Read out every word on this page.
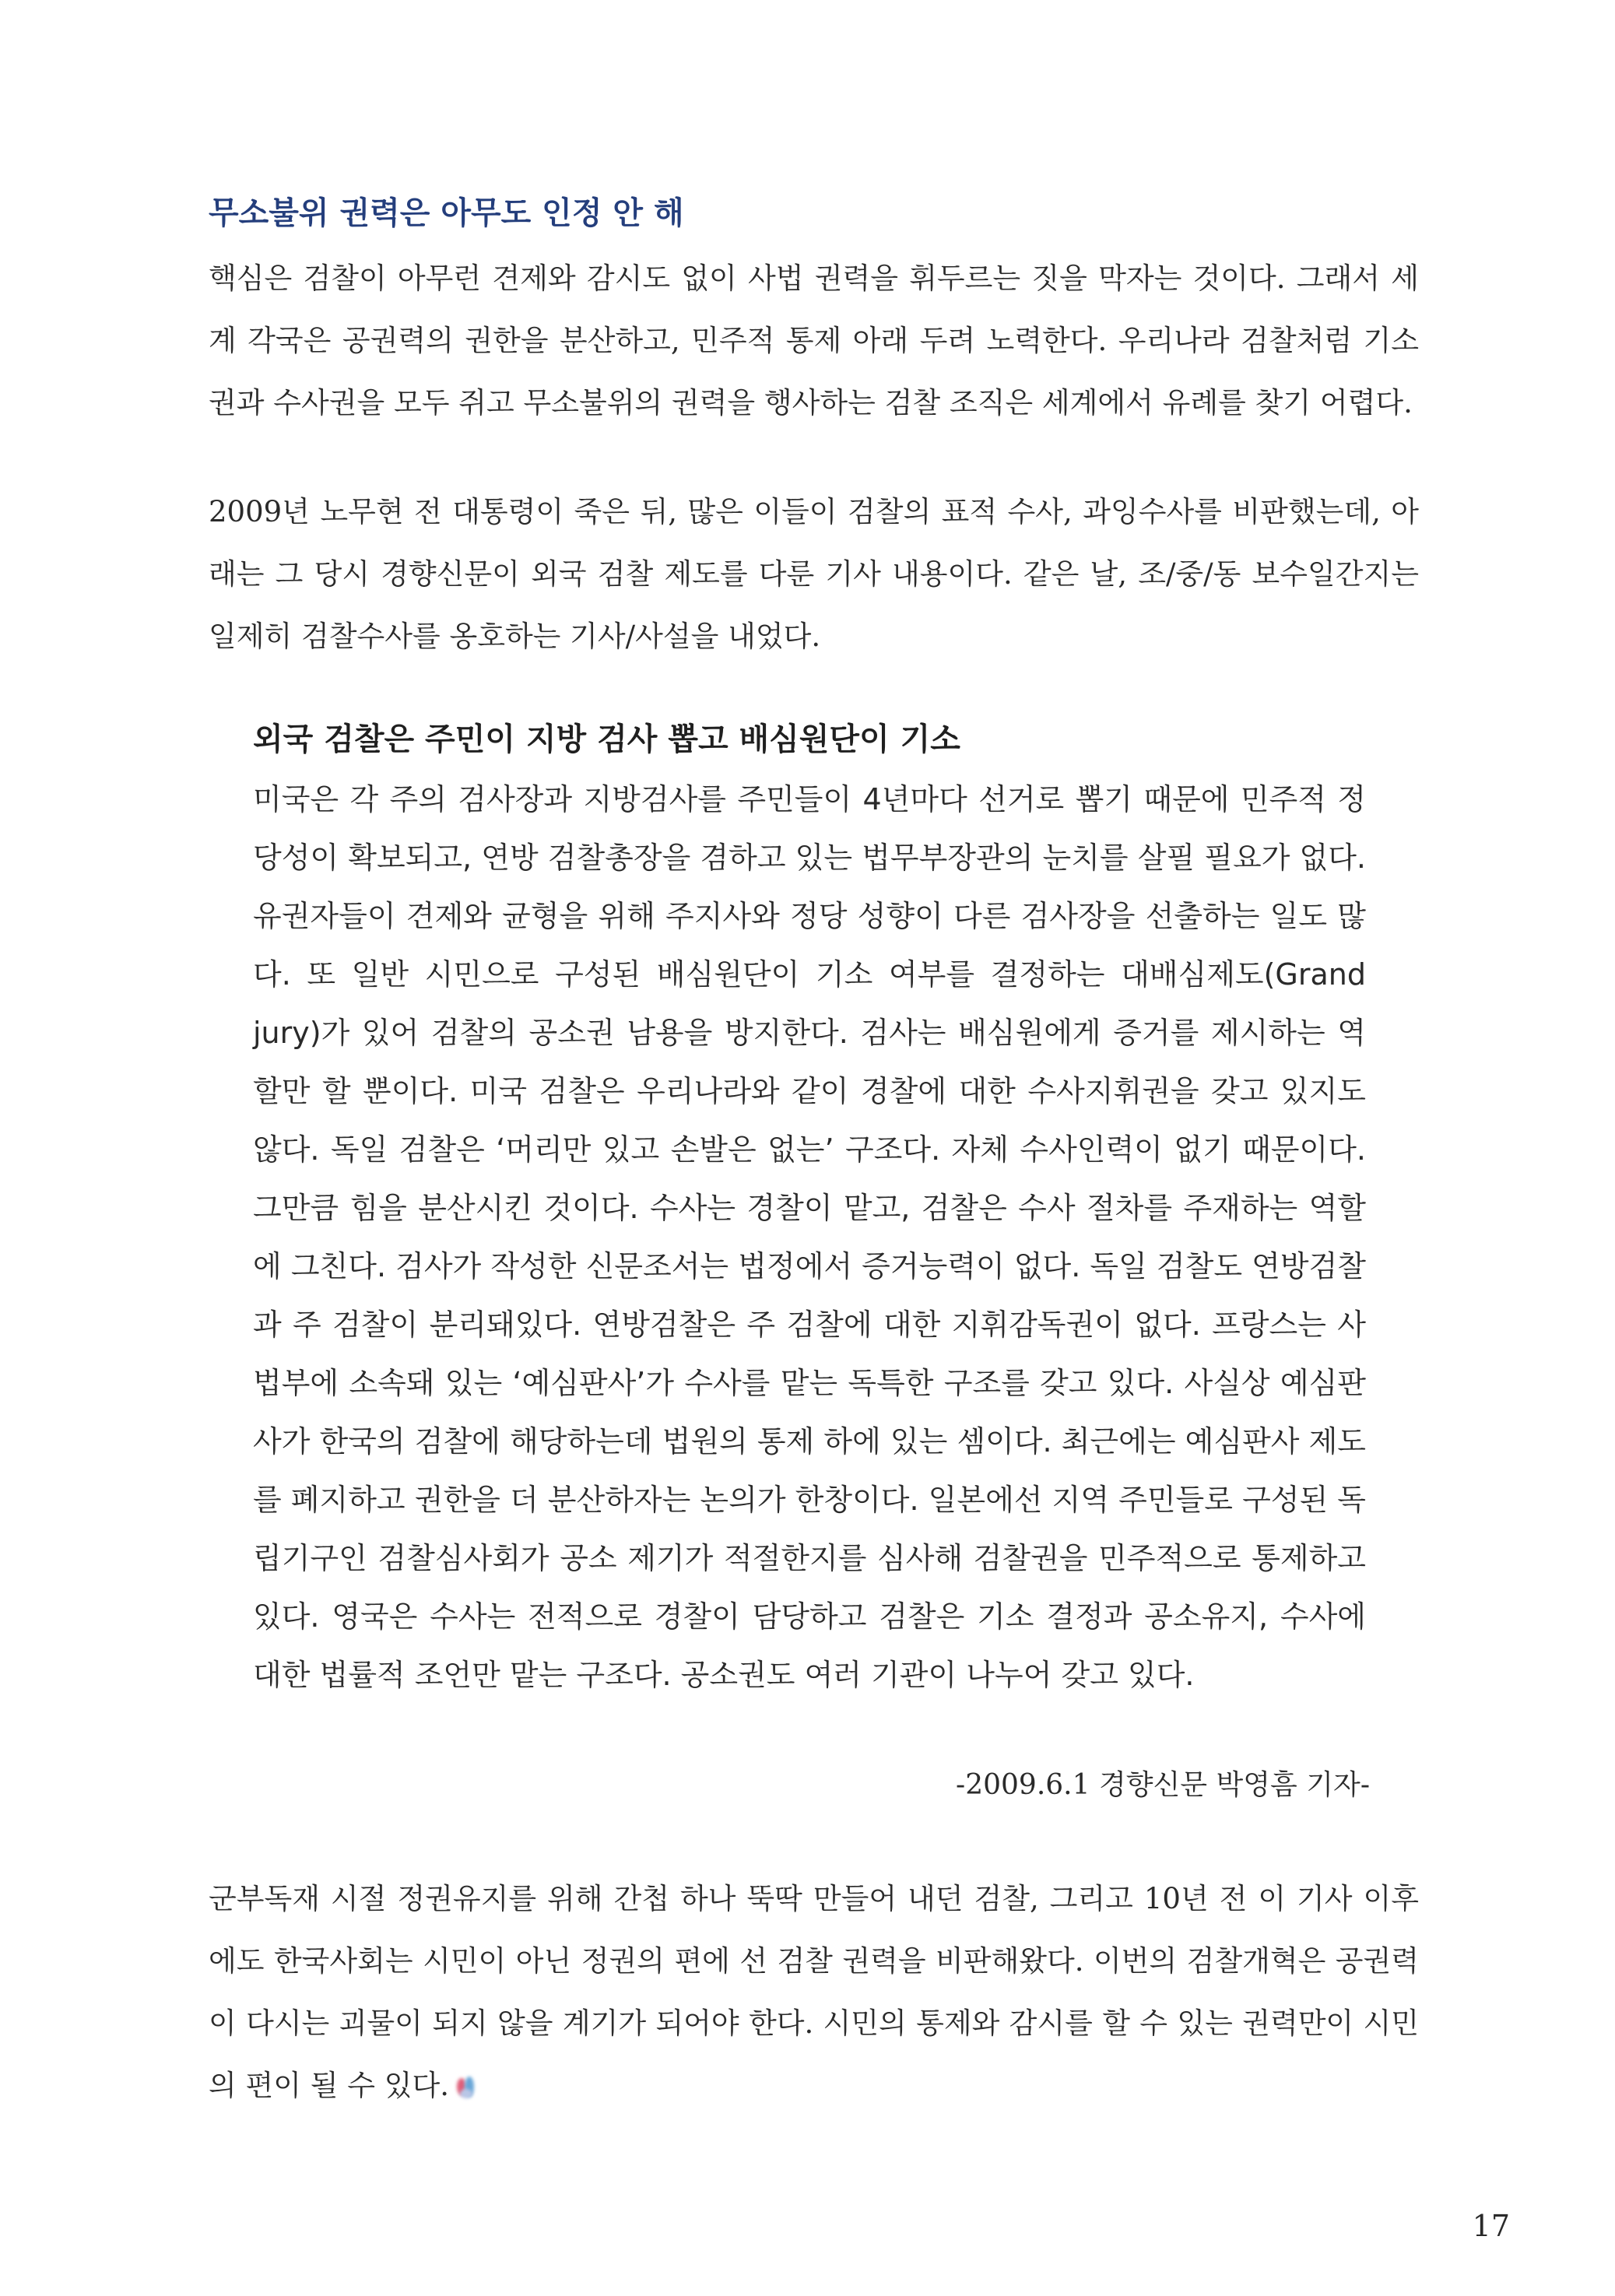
무소불위 권력은 아무도 인정 안 해

핵심은 검찰이 아무런 견제와 감시도 없이 사법 권력을 휘두르는 짓을 막자는 것이다. 그래서 세계 각국은 공권력의 권한을 분산하고, 민주적 통제 아래 두려 노력한다. 우리나라 검찰처럼 기소권과 수사권을 모두 쥐고 무소불위의 권력을 행사하는 검찰 조직은 세계에서 유례를 찾기 어렵다.

2009년 노무현 전 대통령이 죽은 뒤, 많은 이들이 검찰의 표적 수사, 과잉수사를 비판했는데, 아래는 그 당시 경향신문이 외국 검찰 제도를 다룬 기사 내용이다. 같은 날, 조/중/동 보수일간지는 일제히 검찰수사를 옹호하는 기사/사설을 내었다.

외국 검찰은 주민이 지방 검사 뽑고 배심원단이 기소

미국은 각 주의 검사장과 지방검사를 주민들이 4년마다 선거로 뽑기 때문에 민주적 정당성이 확보되고, 연방 검찰총장을 겸하고 있는 법무부장관의 눈치를 살필 필요가 없다. 유권자들이 견제와 균형을 위해 주지사와 정당 성향이 다른 검사장을 선출하는 일도 많다. 또 일반 시민으로 구성된 배심원단이 기소 여부를 결정하는 대배심제도(Grand jury)가 있어 검찰의 공소권 남용을 방지한다. 검사는 배심원에게 증거를 제시하는 역할만 할 뿐이다. 미국 검찰은 우리나라와 같이 경찰에 대한 수사지휘권을 갖고 있지도 않다. 독일 검찰은 ‘머리만 있고 손발은 없는’ 구조다. 자체 수사인력이 없기 때문이다. 그만큼 힘을 분산시킨 것이다. 수사는 경찰이 맡고, 검찰은 수사 절차를 주재하는 역할에 그친다. 검사가 작성한 신문조서는 법정에서 증거능력이 없다. 독일 검찰도 연방검찰과 주 검찰이 분리돼있다. 연방검찰은 주 검찰에 대한 지휘감독권이 없다. 프랑스는 사법부에 소속돼 있는 ‘예심판사’가 수사를 맡는 독특한 구조를 갖고 있다. 사실상 예심판사가 한국의 검찰에 해당하는데 법원의 통제 하에 있는 셈이다. 최근에는 예심판사 제도를 폐지하고 권한을 더 분산하자는 논의가 한창이다. 일본에선 지역 주민들로 구성된 독립기구인 검찰심사회가 공소 제기가 적절한지를 심사해 검찰권을 민주적으로 통제하고 있다. 영국은 수사는 전적으로 경찰이 담당하고 검찰은 기소 결정과 공소유지, 수사에 대한 법률적 조언만 맡는 구조다. 공소권도 여러 기관이 나누어 갖고 있다.

-2009.6.1 경향신문 박영흠 기자-

군부독재 시절 정권유지를 위해 간첩 하나 뚝딱 만들어 내던 검찰, 그리고 10년 전 이 기사 이후에도 한국사회는 시민이 아닌 정권의 편에 선 검찰 권력을 비판해왔다. 이번의 검찰개혁은 공권력이 다시는 괴물이 되지 않을 계기가 되어야 한다. 시민의 통제와 감시를 할 수 있는 권력만이 시민의 편이 될 수 있다.

17
